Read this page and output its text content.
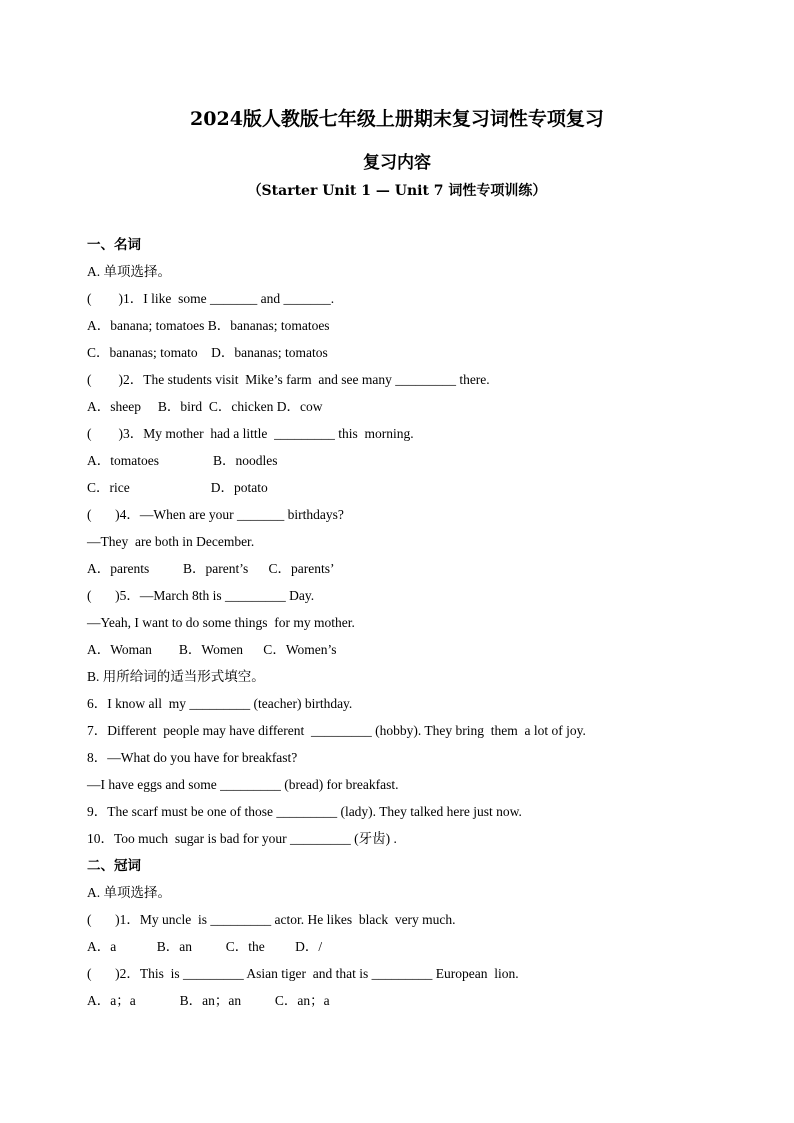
2024版人教版七年级上册期末复习词性专项复习
复习内容
（Starter Unit 1 — Unit 7 词性专项训练）
一、名词
A. 单项选择。
(        )1．I like  some _______ and _______.
A．banana; tomatoes B．bananas; tomatoes
C．bananas; tomato    D．bananas; tomatos
(        )2．The students visit  Mike’s farm  and see many _________ there.
A．sheep     B．bird  C．chicken D．cow
(        )3．My mother  had a little  _________ this  morning.
A．tomatoes                B．noodles
C．rice                        D．potato
(       )4．—When are your _______ birthdays?
—They  are both in December.
A．parents          B．parent’s      C．parents’
(       )5．—March 8th is _________ Day.
—Yeah, I want to do some things  for my mother.
A．Woman        B．Women      C．Women’s
B. 用所给词的适当形式填空。
6．I know all  my _________ (teacher) birthday.
7．Different  people may have different  _________ (hobby). They bring  them  a lot of joy.
8．—What do you have for breakfast?
—I have eggs and some _________ (bread) for breakfast.
9．The scarf must be one of those _________ (lady). They talked here just now.
10．Too much  sugar is bad for your _________ (牙齿) .
二、冠词
A. 单项选择。
(       )1．My uncle  is _________ actor. He likes  black  very much.
A．a            B．an          C．the         D．/
(       )2．This  is _________ Asian tiger  and that is _________ European  lion.
A．a；a             B．an；an          C．an；a
